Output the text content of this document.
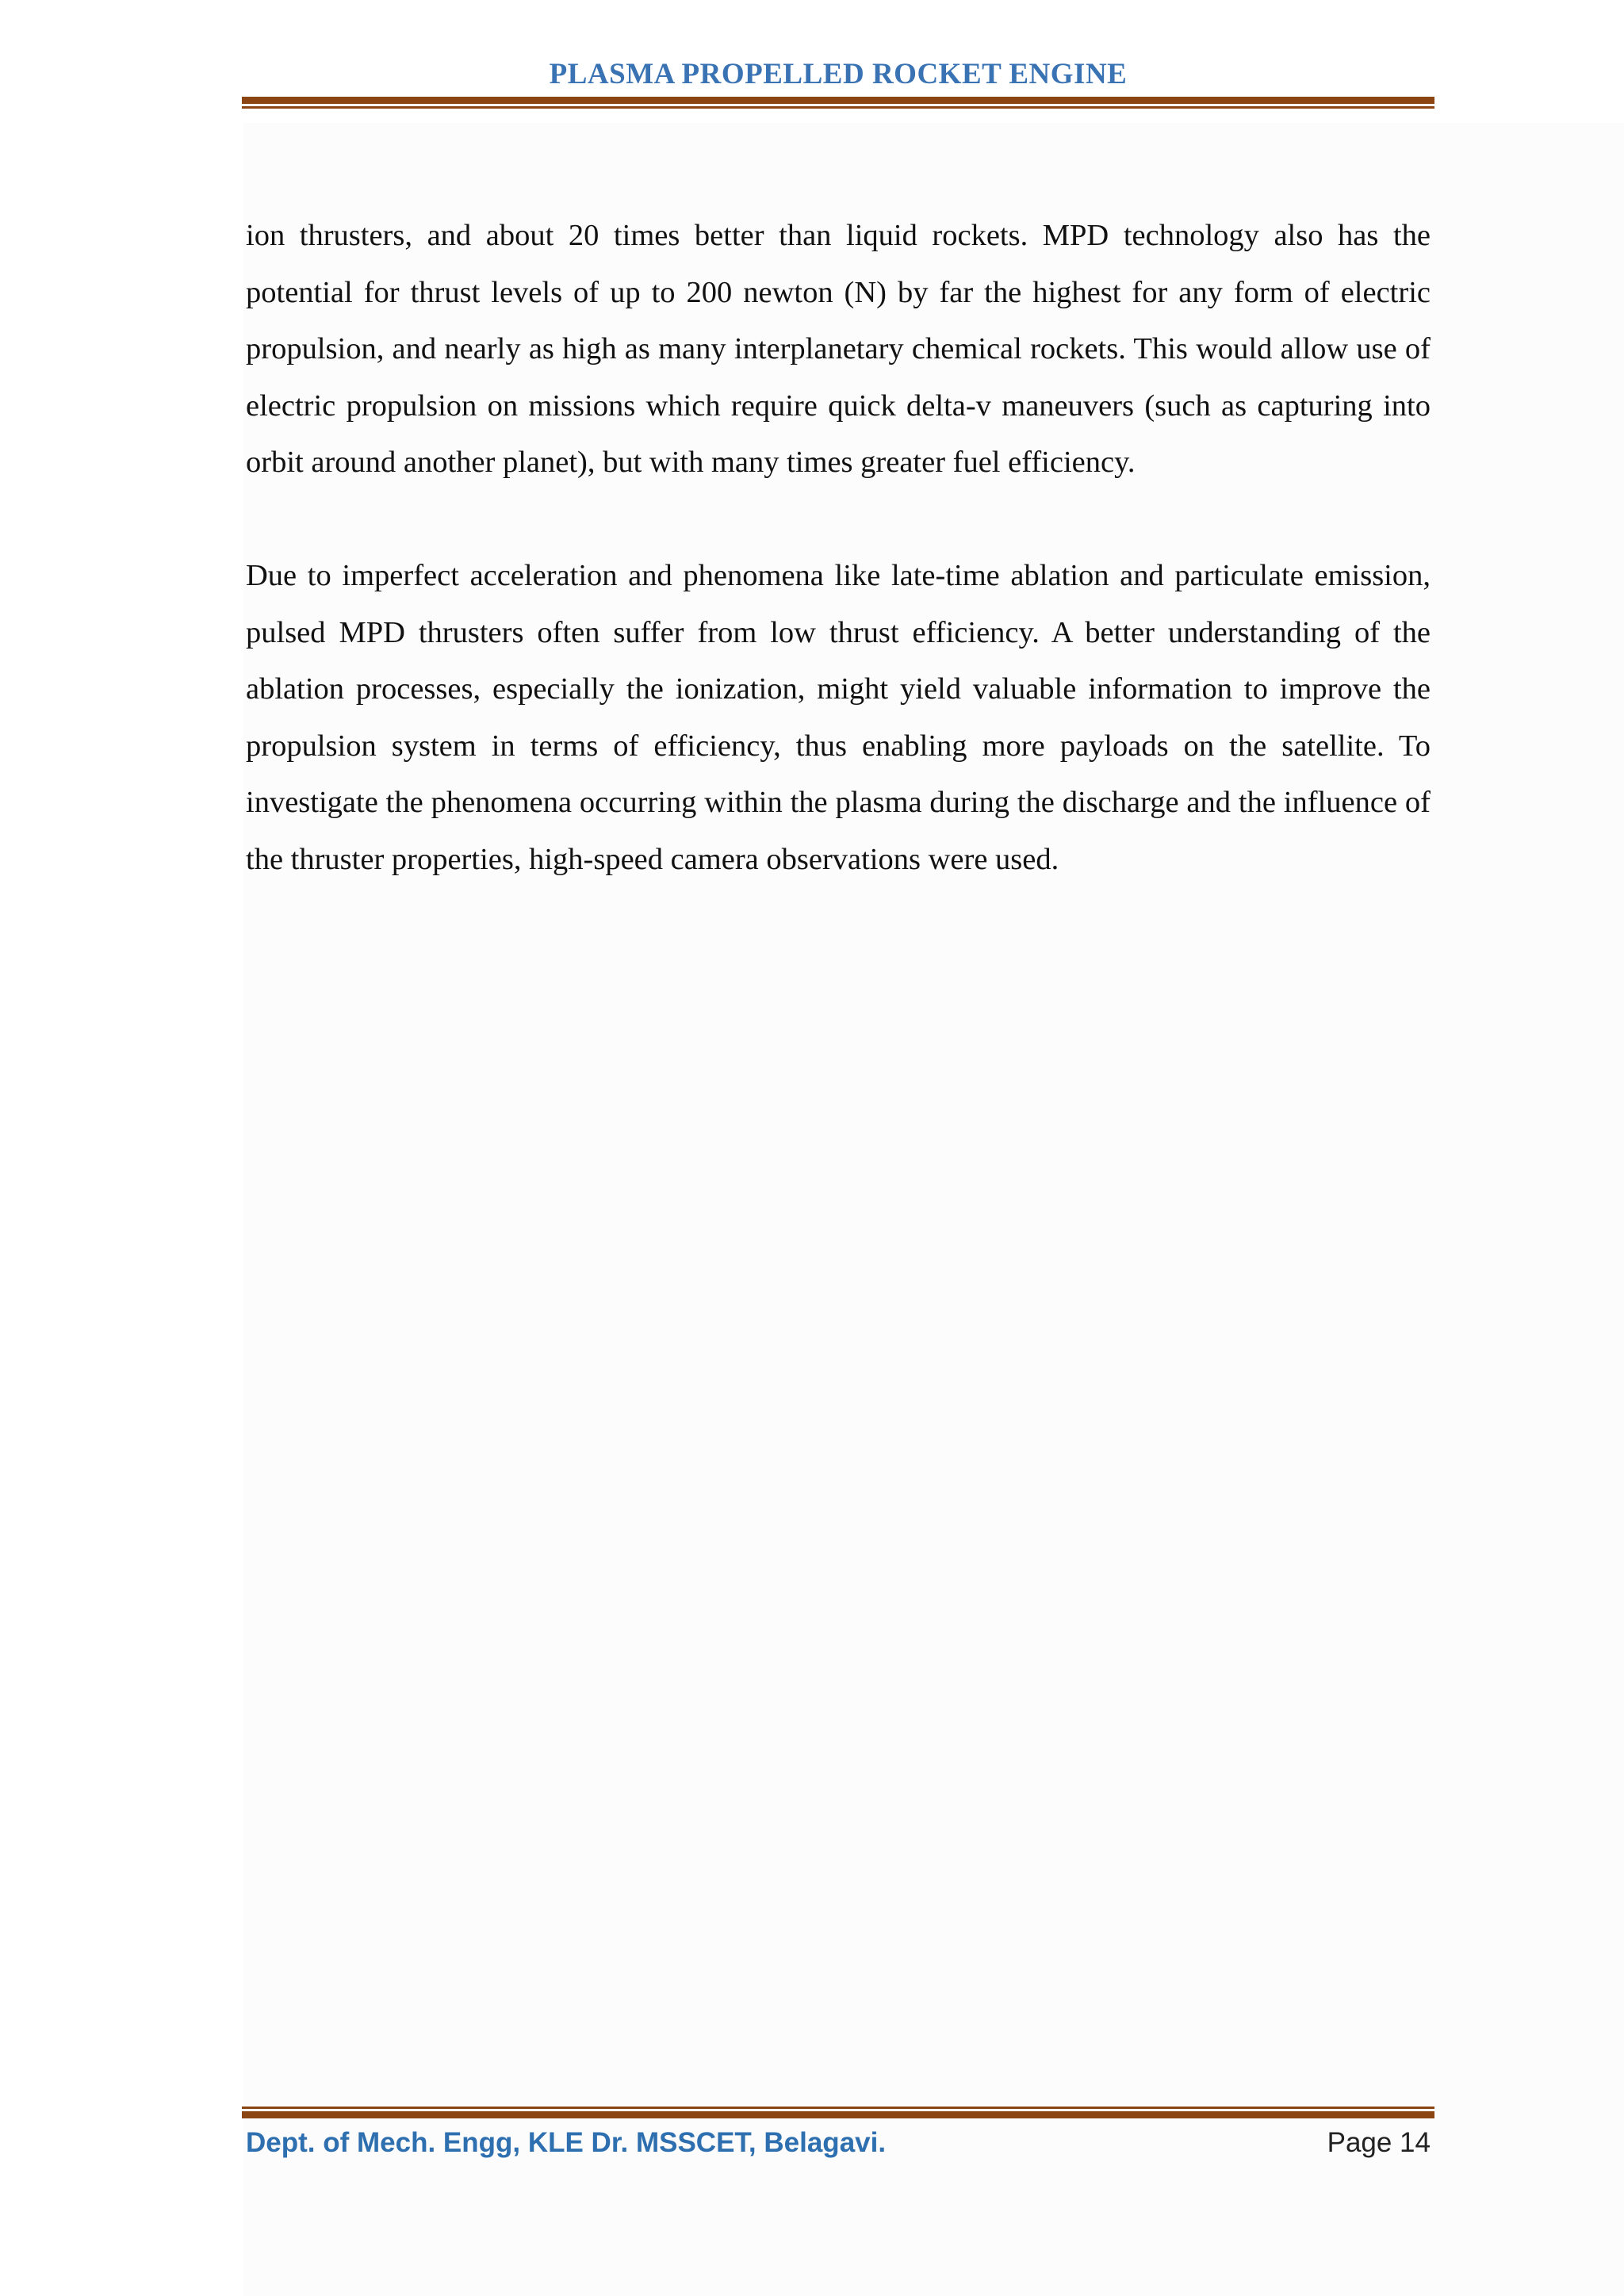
PLASMA PROPELLED ROCKET ENGINE

ion thrusters, and about 20 times better than liquid rockets. MPD technology also has the potential for thrust levels of up to 200 newton (N) by far the highest for any form of electric propulsion, and nearly as high as many interplanetary chemical rockets. This would allow use of electric propulsion on missions which require quick delta-v maneuvers (such as capturing into orbit around another planet), but with many times greater fuel efficiency.

Due to imperfect acceleration and phenomena like late-time ablation and particulate emission, pulsed MPD thrusters often suffer from low thrust efficiency. A better understanding of the ablation processes, especially the ionization, might yield valuable information to improve the propulsion system in terms of efficiency, thus enabling more payloads on the satellite. To investigate the phenomena occurring within the plasma during the discharge and the influence of the thruster properties, high-speed camera observations were used.

Dept. of Mech. Engg, KLE Dr. MSSCET, Belagavi.	Page 14
